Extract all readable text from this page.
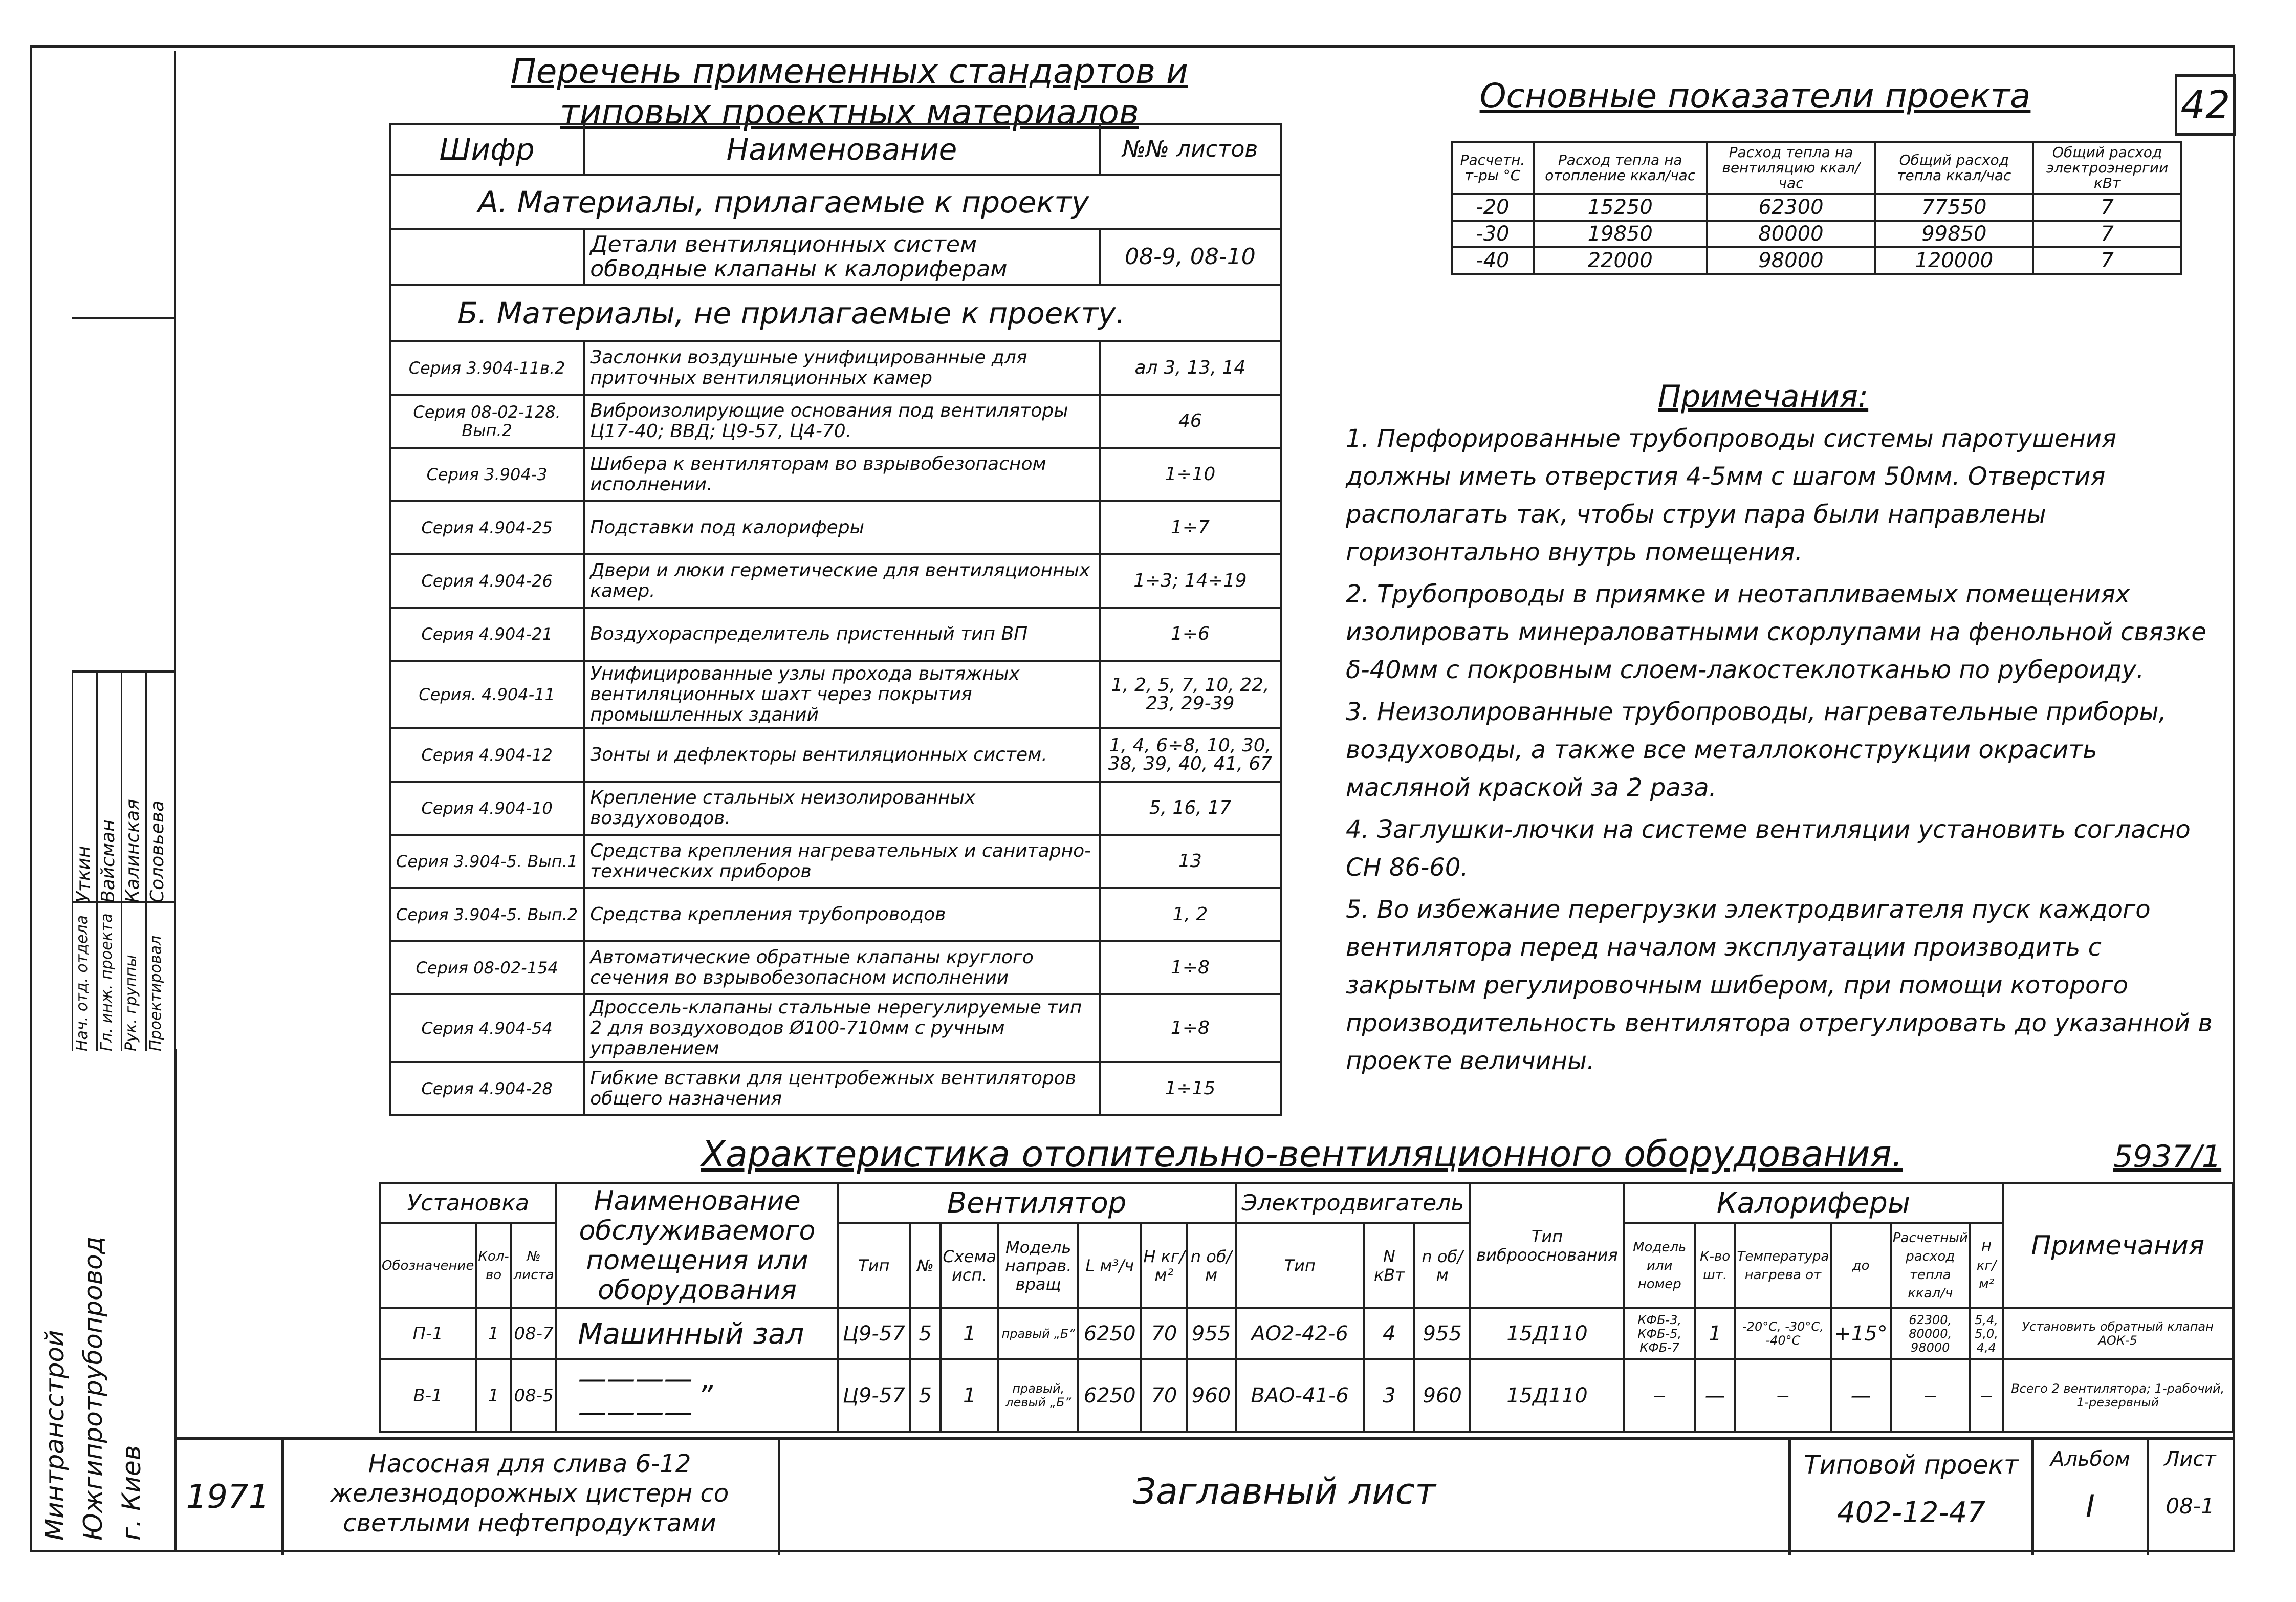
42
Перечень примененных стандартов и
типовых проектных материалов
Шифр	Наименование	№№ листов
А. Материалы, прилагаемые к проекту
	Детали вентиляционных систем обводные клапаны к калориферам	08-9, 08-10
Б. Материалы, не прилагаемые к проекту.
Серия 3.904-11в.2	Заслонки воздушные унифицированные для приточных вентиляционных камер	ал 3, 13, 14
Серия 08-02-128. Вып.2	Виброизолирующие основания под вентиляторы Ц17-40; ВВД; Ц9-57, Ц4-70.	46
Серия 3.904-3	Шибера к вентиляторам во взрывобезопасном исполнении.	1÷10
Серия 4.904-25	Подставки под калориферы	1÷7
Серия 4.904-26	Двери и люки герметические для вентиляционных камер.	1÷3; 14÷19
Серия 4.904-21	Воздухораспределитель пристенный тип ВП	1÷6
Серия. 4.904-11	Унифицированные узлы прохода вытяжных вентиляционных шахт через покрытия промышленных зданий	1, 2, 5, 7, 10, 22, 23, 29-39
Серия 4.904-12	Зонты и дефлекторы вентиляционных систем.	1, 4, 6÷8, 10, 30, 38, 39, 40, 41, 67
Серия 4.904-10	Крепление стальных неизолированных воздуховодов.	5, 16, 17
Серия 3.904-5. Вып.1	Средства крепления нагревательных и санитарно-технических приборов	13
Серия 3.904-5. Вып.2	Средства крепления трубопроводов	1, 2
Серия 08-02-154	Автоматические обратные клапаны круглого сечения во взрывобезопасном исполнении	1÷8
Серия 4.904-54	Дроссель-клапаны стальные нерегулируемые тип 2 для воздуховодов Ø100-710мм с ручным управлением	1÷8
Серия 4.904-28	Гибкие вставки для центробежных вентиляторов общего назначения	1÷15
Основные показатели проекта
Расчетн. т-ры °С	Расход тепла на отопление ккал/час	Расход тепла на вентиляцию ккал/час	Общий расход тепла ккал/час	Общий расход электроэнергии кВт
-20	15250	62300	77550	7
-30	19850	80000	99850	7
-40	22000	98000	120000	7
Примечания:
1. Перфорированные трубопроводы системы паротушения должны иметь отверстия 4-5мм с шагом 50мм. Отверстия располагать так, чтобы струи пара были направлены горизонтально внутрь помещения.
2. Трубопроводы в приямке и неотапливаемых помещениях изолировать минераловатными скорлупами на фенольной связке δ-40мм с покровным слоем-лакостеклотканью по рубероиду.
3. Неизолированные трубопроводы, нагревательные приборы, воздуховоды, а также все металлоконструкции окрасить масляной краской за 2 раза.
4. Заглушки-лючки на системе вентиляции установить согласно СН 86-60.
5. Во избежание перегрузки электродвигателя пуск каждого вентилятора перед началом эксплуатации производить с закрытым регулировочным шибером, при помощи которого производительность вентилятора отрегулировать до указанной в проекте величины.
Характеристика отопительно-вентиляционного оборудования.	5937/1
Установка	Наименование обслуживаемого помещения или оборудования	Вентилятор	Электродвигатель	Тип виброоснования	Калориферы	Примечания
Обозначение	Кол-во	№ листа	Тип	№	Схема исп.	Модель направ. вращ	L м³/ч	H кг/м²	n об/м	Тип	N кВт	n об/м	Модель или номер	К-во шт.	Температура нагрева от	до	Расчетный расход тепла ккал/ч	H кг/м²
П-1	1	08-7	Машинный зал	Ц9-57	5	1	правый „Б”	6250	70	955	АО2-42-6	4	955	15Д110	КФБ-3, КФБ-5, КФБ-7	1	-20°С, -30°С, -40°С	+15°	62300, 80000, 98000	5,4, 5,0, 4,4	Установить обратный клапан АОК-5
В-1	1	08-5	———— „ ————	Ц9-57	5	1	правый, левый „Б”	6250	70	960	ВАО-41-6	3	960	15Д110	—	—	—	—	—	—	Всего 2 вентилятора; 1-рабочий, 1-резервный
1971
Насосная для слива 6-12 железнодорожных цистерн со светлыми нефтепродуктами
Заглавный лист
Типовой проект
402-12-47
Альбом
I
Лист
08-1
Минтрансстрой Южгипротрубопровод г. Киев
Нач. отд. отдела Гл. инж. проекта Рук. группы Проектировал
Уткин Вайсман Калинская Соловьева
